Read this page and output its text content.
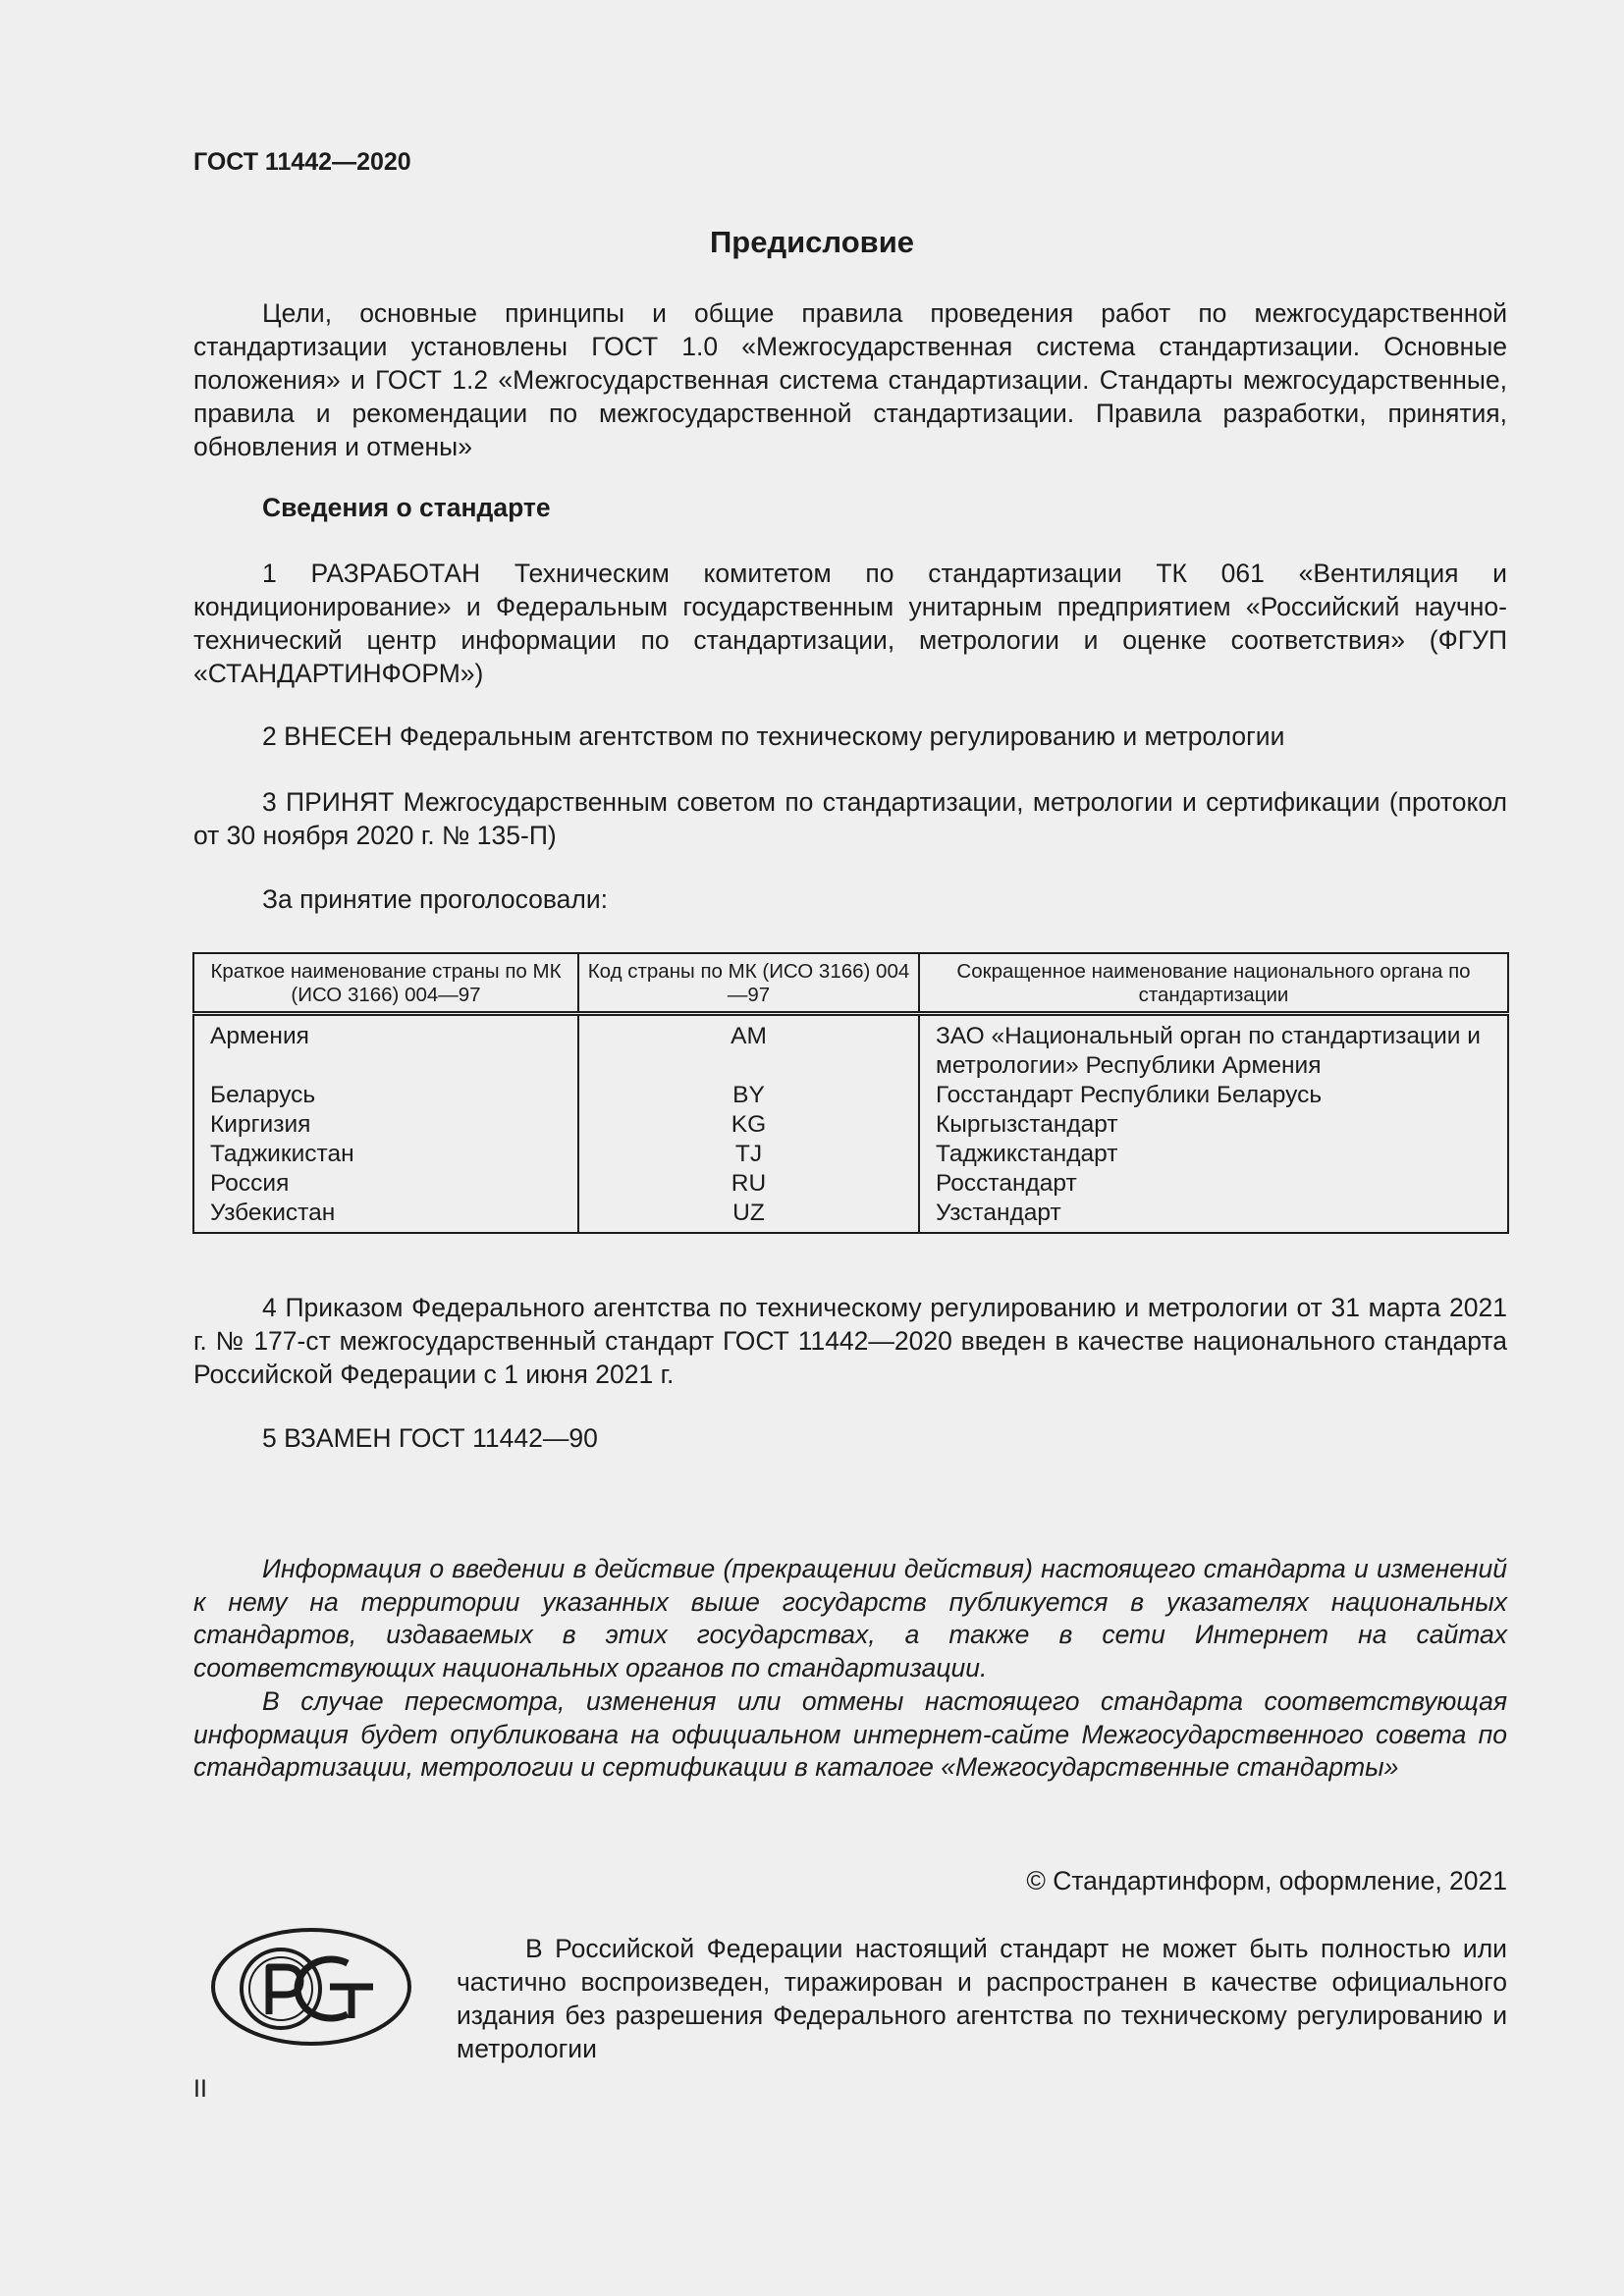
ГОСТ 11442—2020

Предисловие

Цели, основные принципы и общие правила проведения работ по межгосударственной стандартизации установлены ГОСТ 1.0 «Межгосударственная система стандартизации. Основные положения» и ГОСТ 1.2 «Межгосударственная система стандартизации. Стандарты межгосударственные, правила и рекомендации по межгосударственной стандартизации. Правила разработки, принятия, обновления и отмены»

Сведения о стандарте

1 РАЗРАБОТАН Техническим комитетом по стандартизации ТК 061 «Вентиляция и кондиционирование» и Федеральным государственным унитарным предприятием «Российский научно-технический центр информации по стандартизации, метрологии и оценке соответствия» (ФГУП «СТАНДАРТИНФОРМ»)

2 ВНЕСЕН Федеральным агентством по техническому регулированию и метрологии

3 ПРИНЯТ Межгосударственным советом по стандартизации, метрологии и сертификации (протокол от 30 ноября 2020 г. № 135-П)

За принятие проголосовали:

Краткое наименование страны по МК (ИСО 3166) 004—97	Код страны по МК (ИСО 3166) 004—97	Сокращенное наименование национального органа по стандартизации
Армения	AM	ЗАО «Национальный орган по стандартизации и метрологии» Республики Армения
Беларусь	BY	Госстандарт Республики Беларусь
Киргизия	KG	Кыргызстандарт
Таджикистан	TJ	Таджикстандарт
Россия	RU	Росстандарт
Узбекистан	UZ	Узстандарт

4 Приказом Федерального агентства по техническому регулированию и метрологии от 31 марта 2021 г. № 177-ст межгосударственный стандарт ГОСТ 11442—2020 введен в качестве национального стандарта Российской Федерации с 1 июня 2021 г.

5 ВЗАМЕН ГОСТ 11442—90

Информация о введении в действие (прекращении действия) настоящего стандарта и изменений к нему на территории указанных выше государств публикуется в указателях национальных стандартов, издаваемых в этих государствах, а также в сети Интернет на сайтах соответствующих национальных органов по стандартизации.

В случае пересмотра, изменения или отмены настоящего стандарта соответствующая информация будет опубликована на официальном интернет-сайте Межгосударственного совета по стандартизации, метрологии и сертификации в каталоге «Межгосударственные стандарты»

© Стандартинформ, оформление, 2021

В Российской Федерации настоящий стандарт не может быть полностью или частично воспроизведен, тиражирован и распространен в качестве официального издания без разрешения Федерального агентства по техническому регулированию и метрологии

II
